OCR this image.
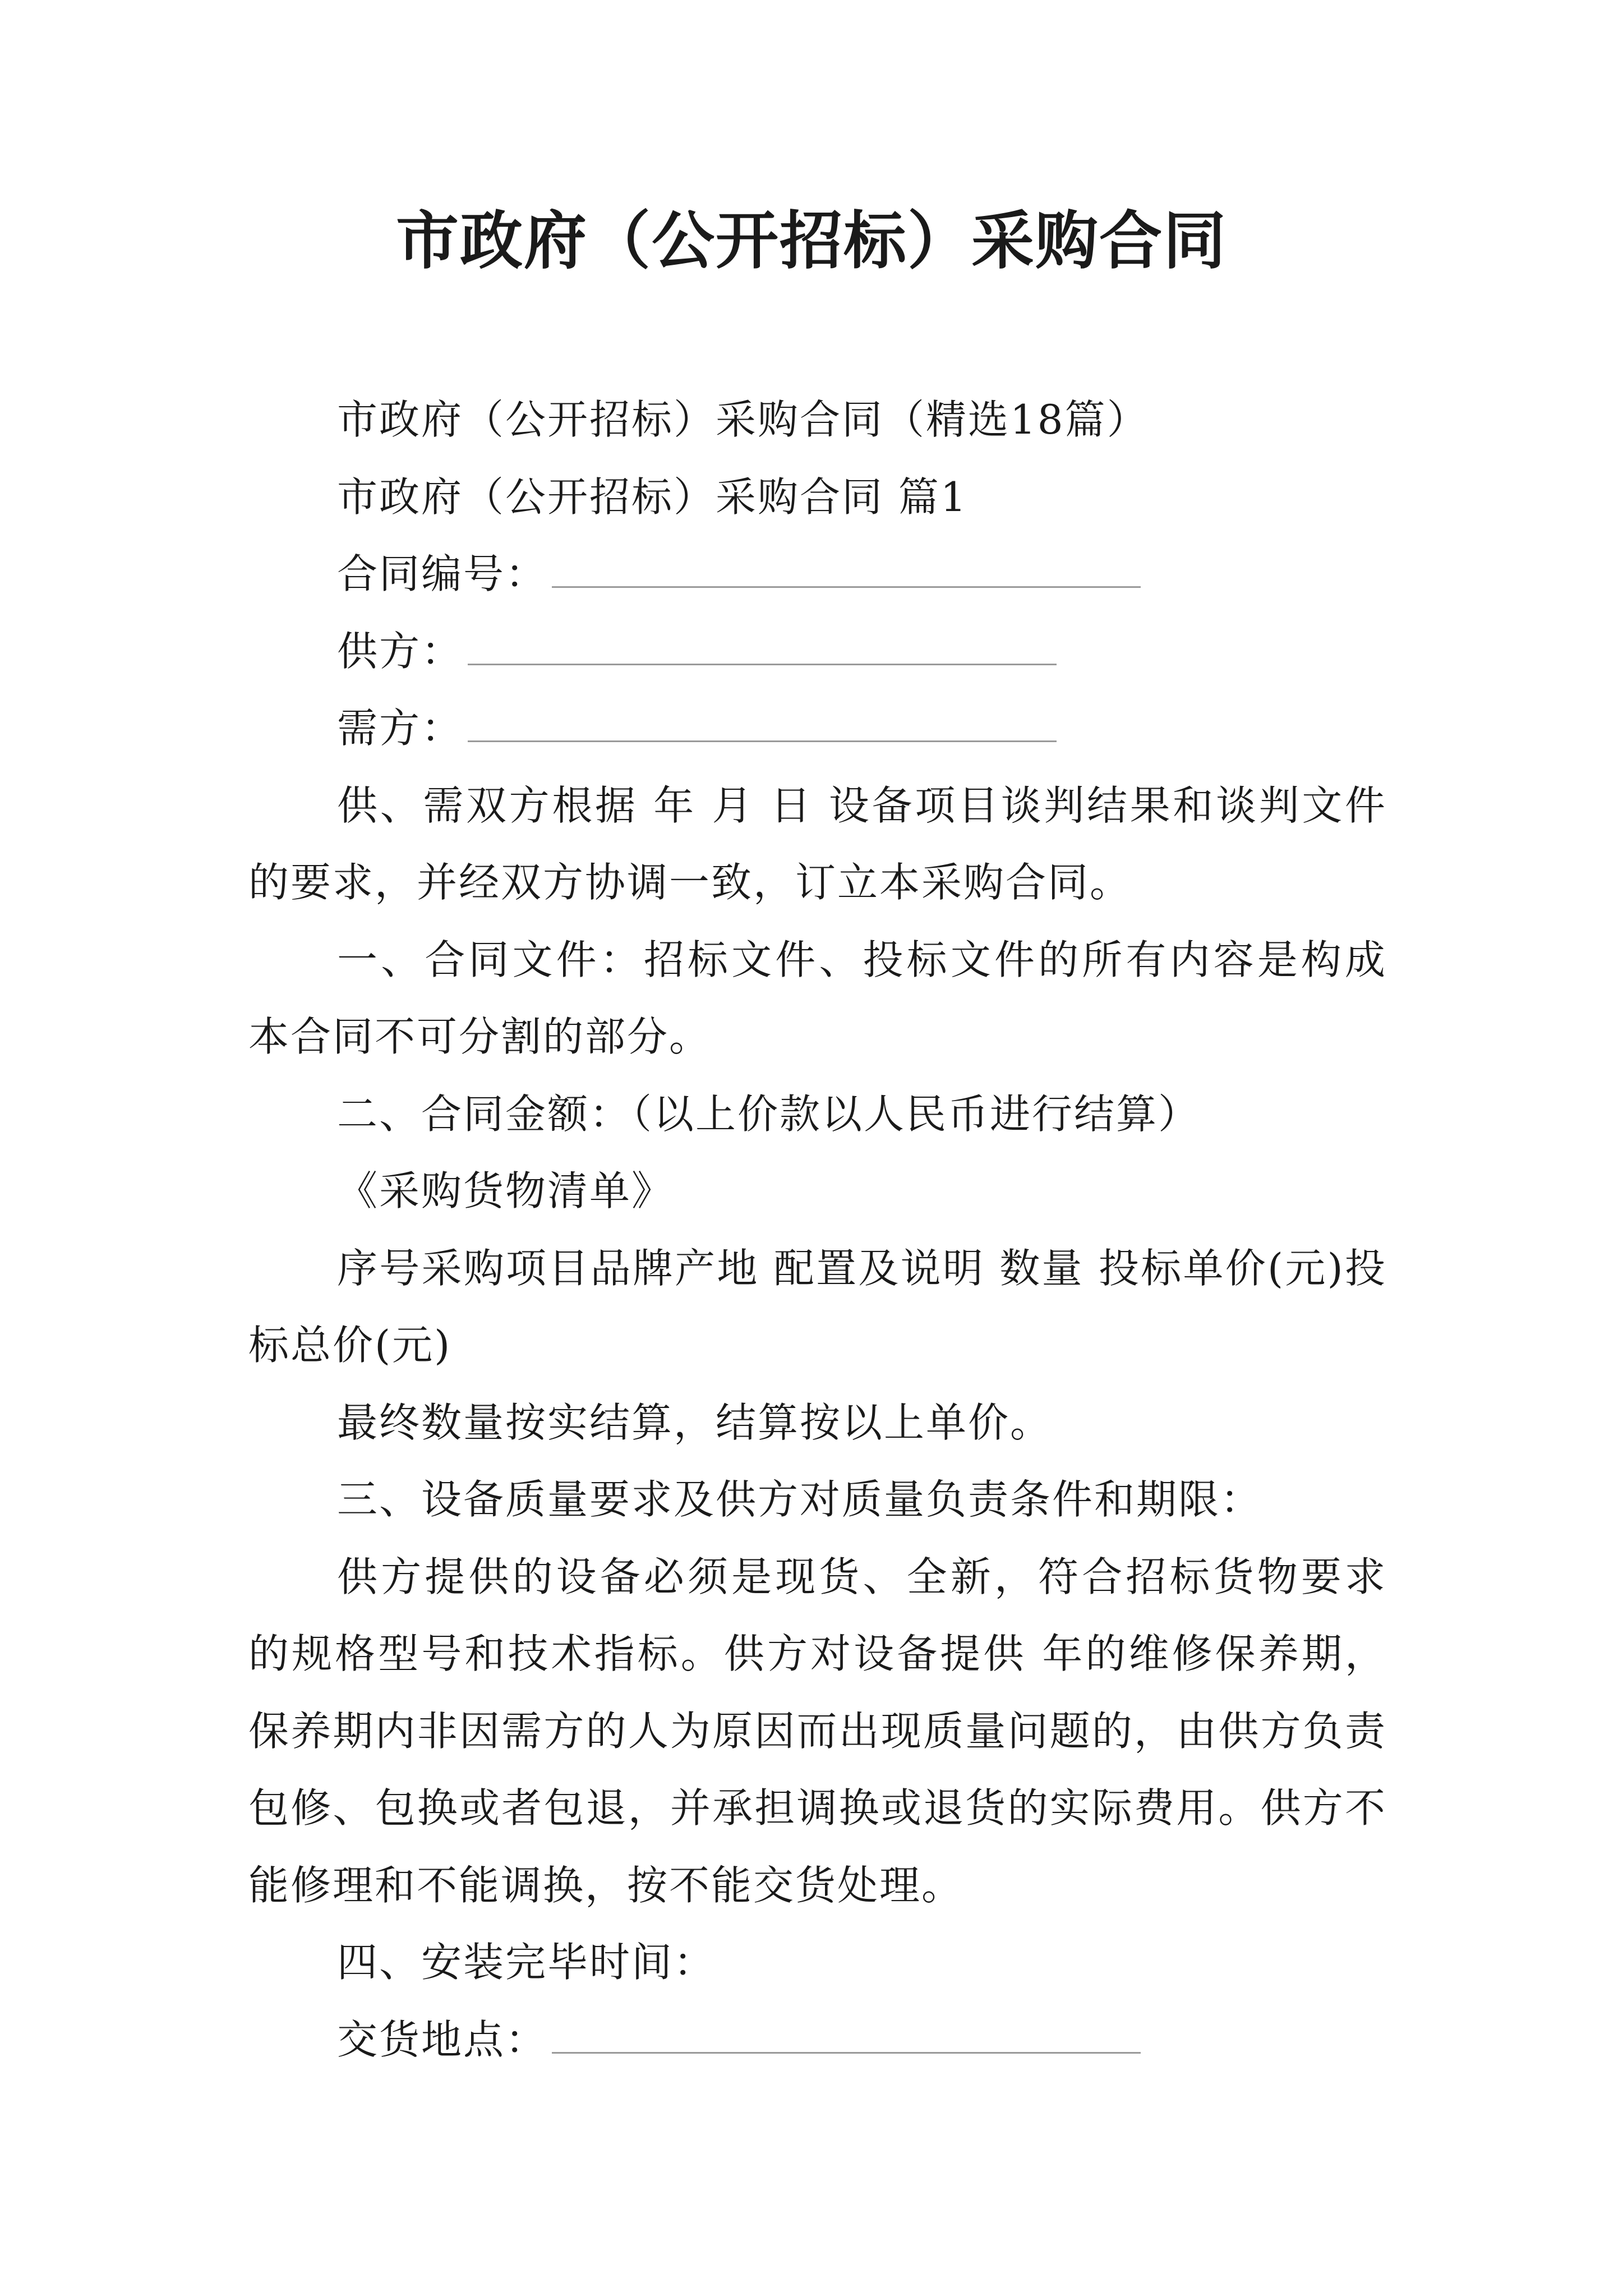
市政府（公开招标）采购合同

市政府（公开招标）采购合同（精选18篇）

市政府（公开招标）采购合同 篇1

合同编号：

供方：

需方：

供、需双方根据 年 月 日 设备项目谈判结果和谈判文件的要求，并经双方协调一致，订立本采购合同。

一、合同文件：招标文件、投标文件的所有内容是构成本合同不可分割的部分。

二、合同金额：（以上价款以人民币进行结算）

《采购货物清单》

序号采购项目品牌产地 配置及说明 数量 投标单价(元)投标总价(元)

最终数量按实结算，结算按以上单价。

三、设备质量要求及供方对质量负责条件和期限：

供方提供的设备必须是现货、全新，符合招标货物要求的规格型号和技术指标。供方对设备提供 年的维修保养期，保养期内非因需方的人为原因而出现质量问题的，由供方负责包修、包换或者包退，并承担调换或退货的实际费用。供方不能修理和不能调换，按不能交货处理。

四、安装完毕时间：

交货地点：
